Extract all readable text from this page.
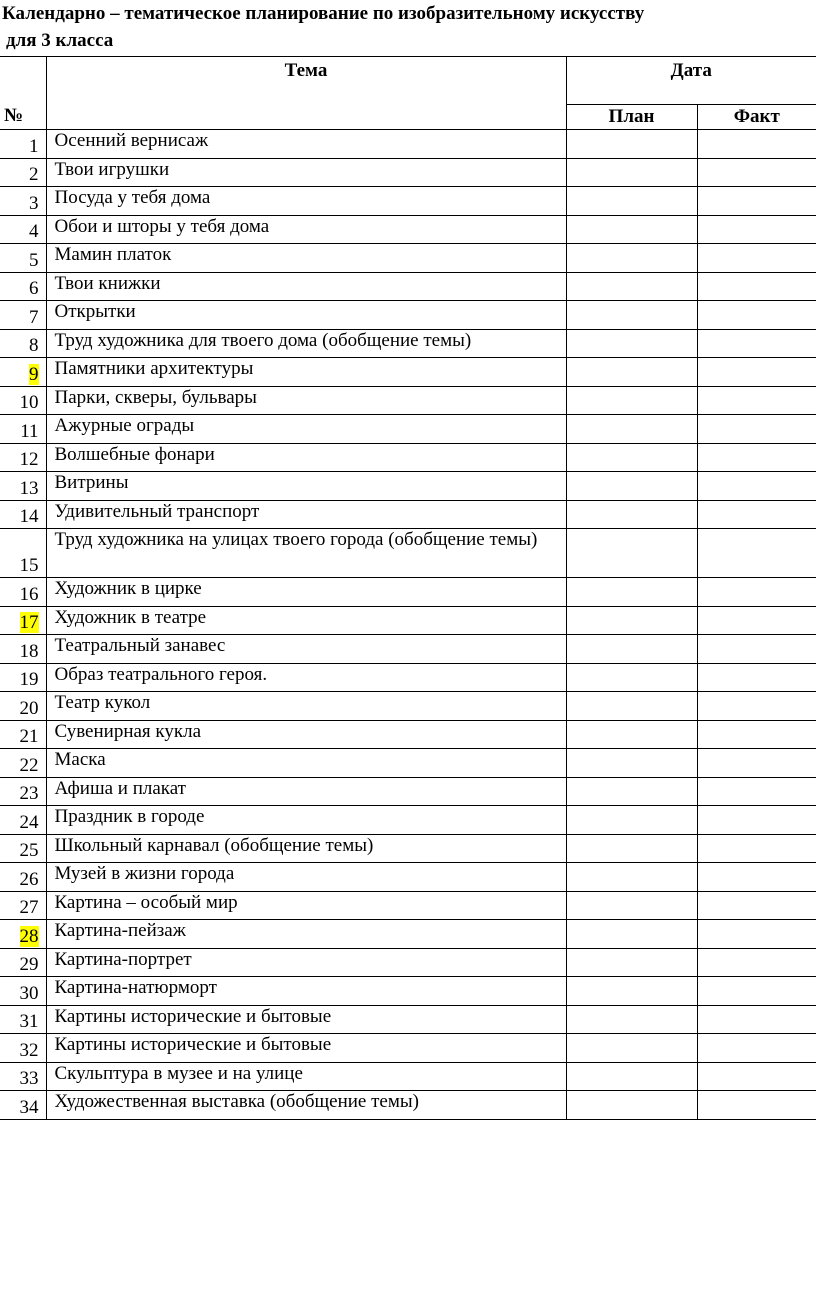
Календарно – тематическое планирование по изобразительному искусству
для 3 класса
№	Тема	Дата	
		План	Факт
1	Осенний вернисаж		
2	Твои игрушки		
3	Посуда у тебя дома		
4	Обои и шторы у тебя дома		
5	Мамин платок		
6	Твои книжки		
7	Открытки		
8	Труд художника для твоего дома (обобщение темы)		
9	Памятники архитектуры		
10	Парки, скверы, бульвары		
11	Ажурные ограды		
12	Волшебные фонари		
13	Витрины		
14	Удивительный транспорт		
15	Труд художника на улицах твоего города (обобщение темы)		
16	Художник в цирке		
17	Художник в театре		
18	Театральный занавес		
19	Образ театрального героя.		
20	Театр кукол		
21	Сувенирная кукла		
22	Маска		
23	Афиша и плакат		
24	Праздник в городе		
25	Школьный карнавал (обобщение темы)		
26	Музей в жизни города		
27	Картина – особый мир		
28	Картина-пейзаж		
29	Картина-портрет		
30	Картина-натюрморт		
31	Картины исторические и бытовые		
32	Картины исторические и бытовые		
33	Скульптура в музее и на улице		
34	Художественная выставка (обобщение темы)		
